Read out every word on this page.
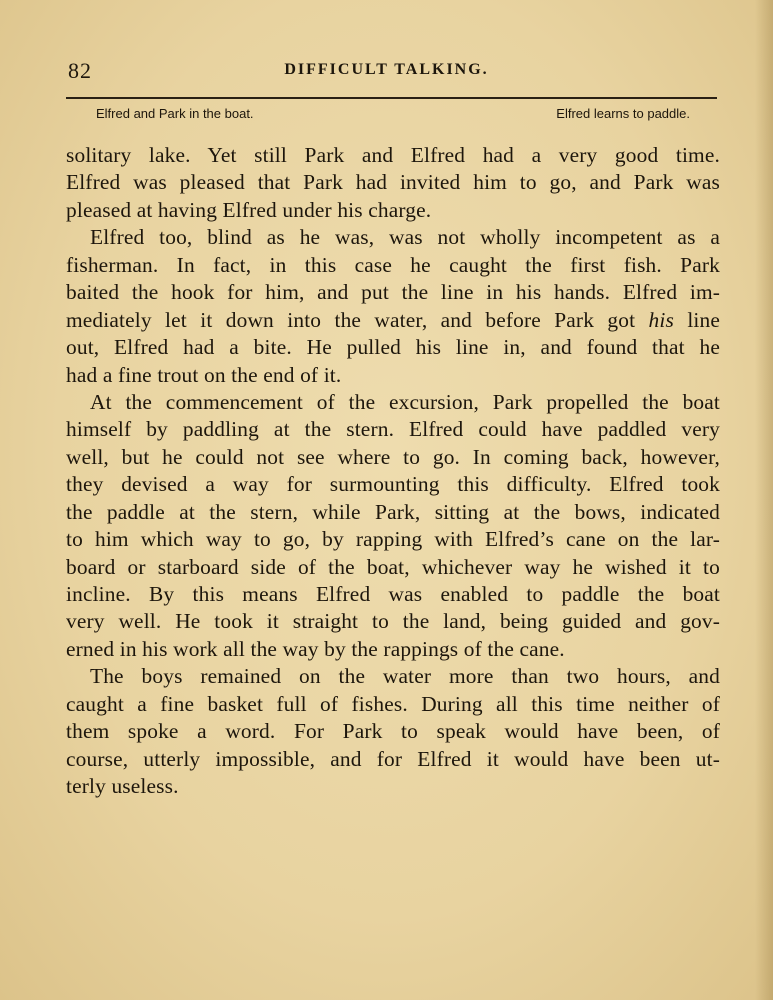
82	DIFFICULT TALKING.
Elfred and Park in the boat.	Elfred learns to paddle.
solitary lake. Yet still Park and Elfred had a very good time.
Elfred was pleased that Park had invited him to go, and Park was
pleased at having Elfred under his charge.
Elfred too, blind as he was, was not wholly incompetent as a
fisherman. In fact, in this case he caught the first fish. Park
baited the hook for him, and put the line in his hands. Elfred im-
mediately let it down into the water, and before Park got his line
out, Elfred had a bite. He pulled his line in, and found that he
had a fine trout on the end of it.
At the commencement of the excursion, Park propelled the boat
himself by paddling at the stern. Elfred could have paddled very
well, but he could not see where to go. In coming back, however,
they devised a way for surmounting this difficulty. Elfred took
the paddle at the stern, while Park, sitting at the bows, indicated
to him which way to go, by rapping with Elfred’s cane on the lar-
board or starboard side of the boat, whichever way he wished it to
incline. By this means Elfred was enabled to paddle the boat
very well. He took it straight to the land, being guided and gov-
erned in his work all the way by the rappings of the cane.
The boys remained on the water more than two hours, and
caught a fine basket full of fishes. During all this time neither of
them spoke a word. For Park to speak would have been, of
course, utterly impossible, and for Elfred it would have been ut-
terly useless.
